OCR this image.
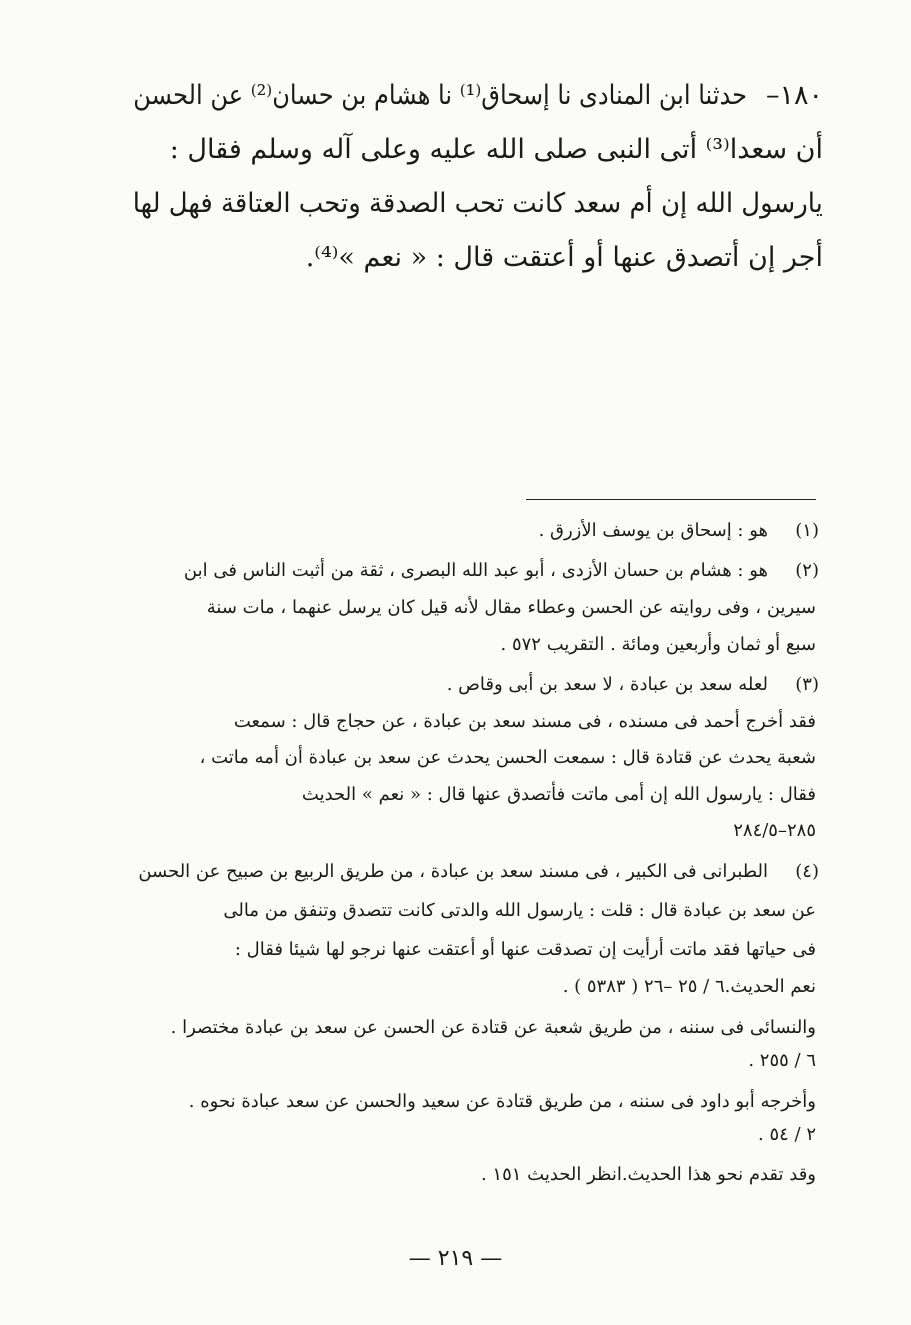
١٨٠–
حدثنا ابن المنادى نا إسحاق⁽¹⁾ نا هشام بن حسان⁽²⁾ عن الحسن
أن سعدا⁽³⁾ أتى النبى صلى الله عليه وعلى آله وسلم فقال :
يارسول الله إن أم سعد كانت تحب الصدقة وتحب العتاقة فهل لها
أجر إن أتصدق عنها أو أعتقت قال : « نعم »⁽⁴⁾.
(١)
هو : إسحاق بن يوسف الأزرق .
(٢)
هو : هشام بن حسان الأزدى ، أبو عبد الله البصرى ، ثقة من أثبت الناس فى ابن
سيرين ، وفى روايته عن الحسن وعطاء مقال لأنه قيل كان يرسل عنهما ، مات سنة
سبع أو ثمان وأربعين ومائة . التقريب ٥٧٢ .
(٣)
لعله سعد بن عبادة ، لا سعد بن أبى وقاص .
فقد أخرج أحمد فى مسنده ، فى مسند سعد بن عبادة ، عن حجاج قال : سمعت
شعبة يحدث عن قتادة قال : سمعت الحسن يحدث عن سعد بن عبادة أن أمه ماتت ،
فقال : يارسول الله إن أمى ماتت فأتصدق عنها قال : « نعم » الحديث
٢٨٥–٢٨٤/٥
(٤)
الطبرانى فى الكبير ، فى مسند سعد بن عبادة ، من طريق الربيع بن صبيح عن الحسن
عن سعد بن عبادة قال : قلت : يارسول الله والدتى كانت تتصدق وتنفق من مالى
فى حياتها فقد ماتت أرأيت إن تصدقت عنها أو أعتقت عنها نرجو لها شيئا فقال :
نعم الحديث.٦ / ٢٥ –٢٦ ( ٥٣٨٣ ) .
والنسائى فى سننه ، من طريق شعبة عن قتادة عن الحسن عن سعد بن عبادة مختصرا .
٦ / ٢٥٥ .
وأخرجه أبو داود فى سننه ، من طريق قتادة عن سعيد والحسن عن سعد عبادة نحوه .
٢ / ٥٤ .
وقد تقدم نحو هذا الحديث.انظر الحديث ١٥١ .
— ٢١٩ —
